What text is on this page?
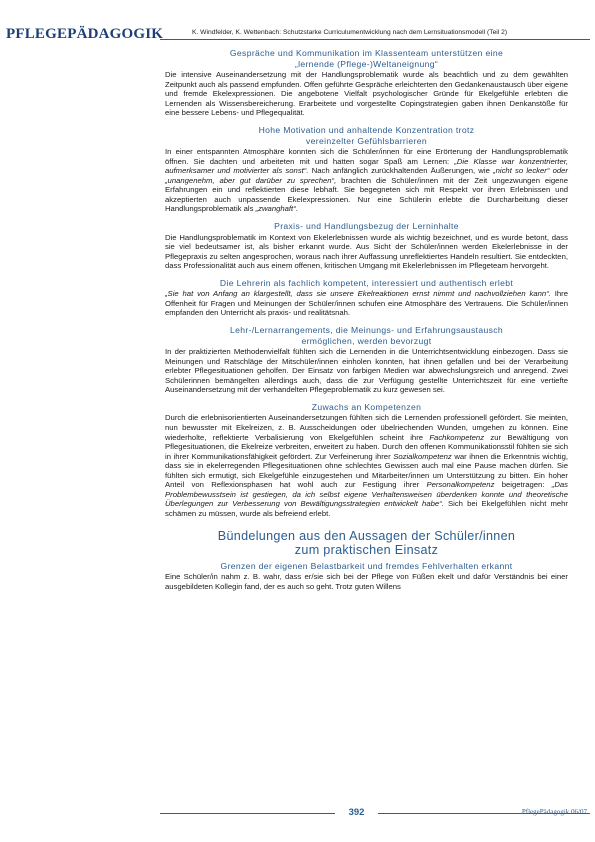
PFLEGEPÄDAGOGIK	K. Windfelder, K. Wettenbach: Schutzstarke Curriculumentwicklung nach dem Lernsituationsmodell (Teil 2)
Gespräche und Kommunikation im Klassenteam unterstützen eine
„lernende (Pflege-)Weltaneignung“

Die intensive Auseinandersetzung mit der Handlungsproblematik wurde als beachtlich und zu dem gewählten Zeitpunkt auch als passend empfunden. Offen geführte Gespräche erleichterten den Gedankenaustausch über eigene und fremde Ekelexpressionen. Die angebotene Vielfalt psychologischer Gründe für Ekelgefühle erlebten die Lernenden als Wissensbereicherung. Erarbeitete und vorgestellte Copingstrategien gaben ihnen Denkanstöße für eine bessere Lebens- und Pflegequalität.

Hohe Motivation und anhaltende Konzentration trotz
vereinzelter Gefühlsbarrieren

In einer entspannten Atmosphäre konnten sich die Schüler/innen für eine Erörterung der Handlungsproblematik öffnen. Sie dachten und arbeiteten mit und hatten sogar Spaß am Lernen: „Die Klasse war konzentrierter, aufmerksamer und motivierter als sonst“. Nach anfänglich zurückhaltenden Äußerungen, wie „nicht so lecker“ oder „unangenehm, aber gut darüber zu sprechen“, brachten die Schüler/innen mit der Zeit ungezwungen eigene Erfahrungen ein und reflektierten diese lebhaft. Sie begegneten sich mit Respekt vor ihren Erlebnissen und akzeptierten auch unpassende Ekelexpressionen. Nur eine Schülerin erlebte die Durcharbeitung dieser Handlungsproblematik als „zwanghaft“.

Praxis- und Handlungsbezug der Lerninhalte

Die Handlungsproblematik im Kontext von Ekelerlebnissen wurde als wichtig bezeichnet, und es wurde betont, dass sie viel bedeutsamer ist, als bisher erkannt wurde. Aus Sicht der Schüler/innen werden Ekelerlebnisse in der Pflegepraxis zu selten angesprochen, woraus nach ihrer Auffassung unreflektiertes Handeln resultiert. Sie entdeckten, dass Professionalität auch aus einem offenen, kritischen Umgang mit Ekelerlebnissen im Pflegeteam hervorgeht.

Die Lehrerin als fachlich kompetent, interessiert und authentisch erlebt

„Sie hat von Anfang an klargestellt, dass sie unsere Ekelreaktionen ernst nimmt und nachvollziehen kann“. Ihre Offenheit für Fragen und Meinungen der Schüler/innen schufen eine Atmosphäre des Vertrauens. Die Schüler/innen empfanden den Unterricht als praxis- und realitätsnah.

Lehr-/Lernarrangements, die Meinungs- und Erfahrungsaustausch
ermöglichen, werden bevorzugt

In der praktizierten Methodenvielfalt fühlten sich die Lernenden in die Unterrichtsentwicklung einbezogen. Dass sie Meinungen und Ratschläge der Mitschüler/innen einholen konnten, hat ihnen gefallen und bei der Verarbeitung erlebter Pflegesituationen geholfen. Der Einsatz von farbigen Medien war abwechslungsreich und anregend. Zwei Schülerinnen bemängelten allerdings auch, dass die zur Verfügung gestellte Unterrichtszeit für eine vertiefte Auseinandersetzung mit der verhandelten Pflegeproblematik zu kurz gewesen sei.

Zuwachs an Kompetenzen

Durch die erlebnisorientierten Auseinandersetzungen fühlten sich die Lernenden professionell gefördert. Sie meinten, nun bewusster mit Ekelreizen, z. B. Ausscheidungen oder übelriechenden Wunden, umgehen zu können. Eine wiederholte, reflektierte Verbalisierung von Ekelgefühlen scheint ihre Fachkompetenz zur Bewältigung von Pflegesituationen, die Ekelreize verbreiten, erweitert zu haben. Durch den offenen Kommunikationsstil fühlten sie sich in ihrer Kommunikationsfähigkeit gefördert. Zur Verfeinerung ihrer Sozialkompetenz war ihnen die Erkenntnis wichtig, dass sie in ekelerregenden Pflegesituationen ohne schlechtes Gewissen auch mal eine Pause machen dürfen. Sie fühlten sich ermutigt, sich Ekelgefühle einzugestehen und Mitarbeiter/innen um Unterstützung zu bitten. Ein hoher Anteil von Reflexionsphasen hat wohl auch zur Festigung ihrer Personalkompetenz beigetragen: „Das Problembewusstsein ist gestiegen, da ich selbst eigene Verhaltensweisen überdenken konnte und theoretische Überlegungen zur Verbesserung von Bewältigungsstrategien entwickelt habe“. Sich bei Ekelgefühlen nicht mehr schämen zu müssen, wurde als befreiend erlebt.

Bündelungen aus den Aussagen der Schüler/innen
zum praktischen Einsatz
Grenzen der eigenen Belastbarkeit und fremdes Fehlverhalten erkannt

Eine Schüler/in nahm z. B. wahr, dass er/sie sich bei der Pflege von Füßen ekelt und dafür Verständnis bei einer ausgebildeten Kollegin fand, der es auch so geht. Trotz guten Willens

392	PflegePädagogik 06/07
